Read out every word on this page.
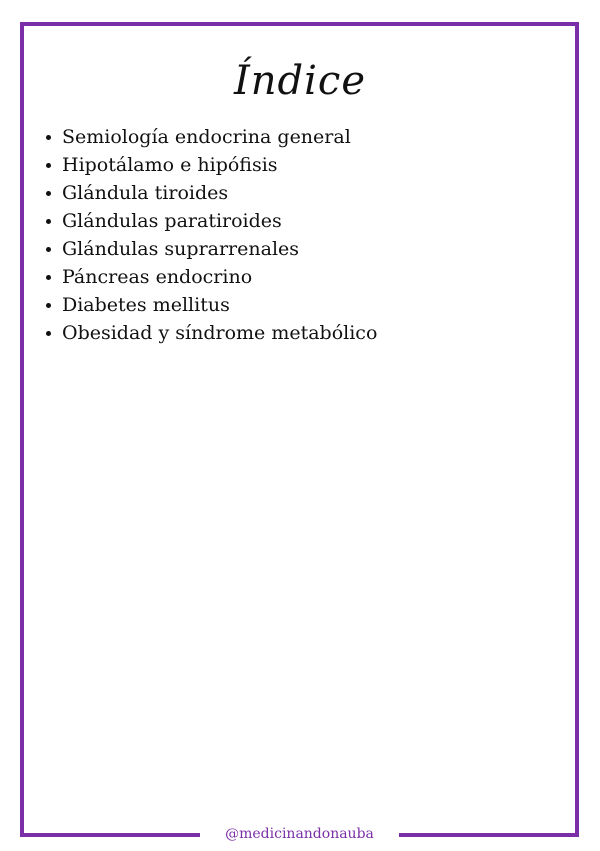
Índice
Semiología endocrina general
Hipotálamo e hipófisis
Glándula tiroides
Glándulas paratiroides
Glándulas suprarrenales
Páncreas endocrino
Diabetes mellitus
Obesidad y síndrome metabólico
@medicinandonauba
